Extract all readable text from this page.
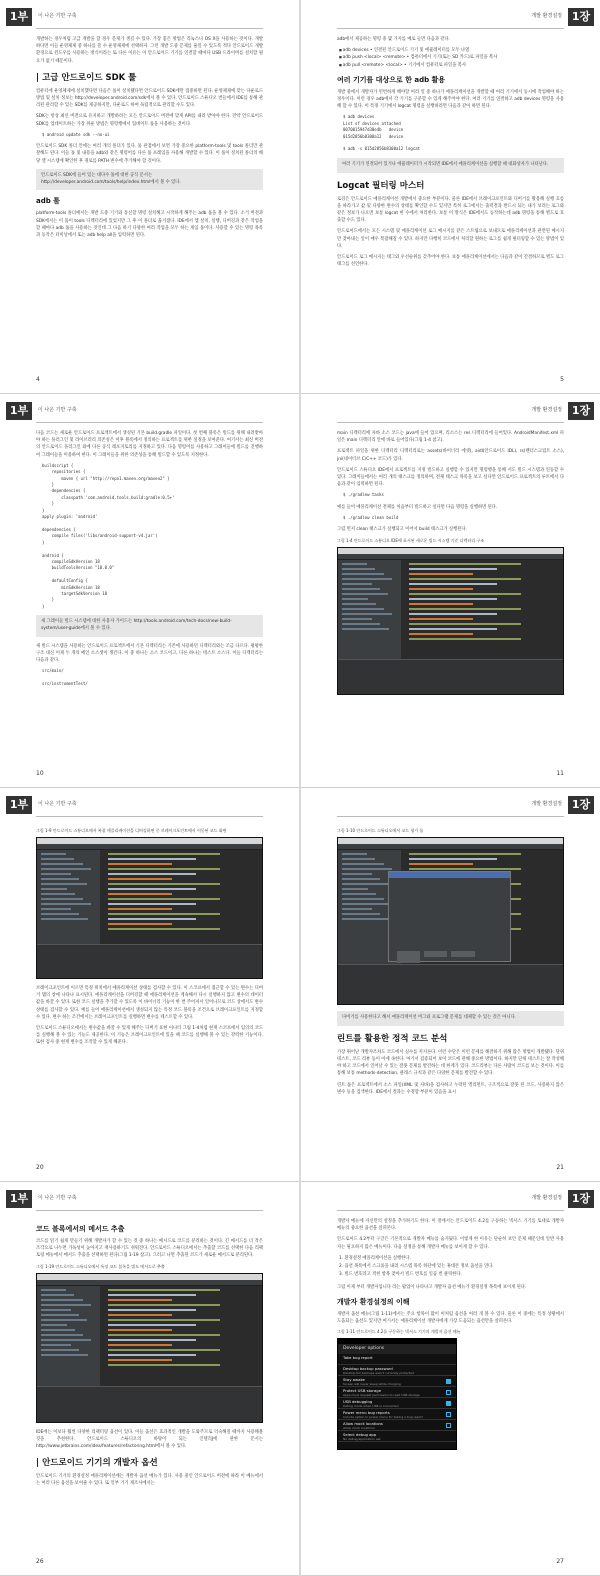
1부	이 나온 기반 구축
4

개발하는 경우처럼 고급 개발을 할 경우 문제가 생길 수 있다. 가장 좋은 방법은 리눅스나 OS X을 사용하는 것이다. 개발하다면 이들 운영체제 중 하나를 쓸 수 운영체제에 선택하자. 그런 개발 도중 문제를 줄일 수 있도록 적다 안드로이드 개발 환경으로 윈도우를 사용하는 방식이라는 또 다른 이유는 이 안드로이드 기기를 연결할 때마다 USB 드라이버를 설치할 필요가 없기 때문이다.

| 고급 안드로이드 SDK 툴

컴퓨터에 운영체제에 설치했다면 다음은 툴이 설치됐다면 안드로이드 SDK에만 집중하면 된다. 운영체제에 맞는 다운로드 방법 및 설치 정보는 http://developer.android.com/sdk에서 볼 수 있다. 안드로이드 스튜디오 번들에서 IDE를 통해 관리된 관리할 수 있는 SDK를 제공하지만, 다운로드 하여 독립적으로 관리할 수도 있다.

SDK는 항상 최신 버전으로 유지하고 개발하려는 모든 안드로이드 버전에 맞게 API를 내려 받아야 한다. 만약 안드로이드 SDK를 업데이트하는 가장 쉬운 방법은 명령행에서 업데이트 툴을 사용하는 것이다.

$ android update sdk --no-ui

안드로이드 SDK 폴더 안에는 여러 개의 폴더가 있다. 툴 관점에서 보면 가장 중요한 platform-tools 및 tools 폴더만 관찰해도 된다. 이들 툴 및 내용을 adb와 같은 명령어를 다른 툴 프레임을 사용해 개발할 수 있다. 이 툴이 설치된 폴더의 해당 셸 시스템에 확인한 후 경로를 PATH 변수에 추가해야 할 것이다.

안드로이드 SDK에 들어 있는 대다수 툴에 대한 공식 문서는 http://developer.android.com/tools/help/index.html에서 볼 수 있다.
adb 툴

platform-tools 폴더에서는 개발 도중 기기와 통신할 명령 설치해고 시작하게 해주는 adb 툴을 볼 수 있다. 소거 버전과 SDK에서는 이 툴이 tools 디렉터리에 있었지만 그 후 이 폴더로 옮겨졌다. IDE에서 앱 설치, 실행, 디버깅과 같은 작업을 할 때마다 adb 툴을 사용하는 것인데 그 다음 하기 다양한 여러 작업을 모두 하는 게임 툴이다. 사용할 수 있는 명령 목록과 동작은 터미널에서 또는 adb help all을 입력하면 된다.

1장
개발 환경설정
5

adb에서 제공하는 명령 중 몇 가지를 예로 들면 다음과 같다.

■ adb devices • 연결된 안드로이드 기기 및 에뮬레이터를 모두 나열
■ adb push <local> <remote> • 컴퓨터에서 기기(또는 SD 카드)로 파일을 복사
■ adb pull <remote> <local> • 기기에서 컴퓨터로 파일을 복사
여러 기기를 대상으로 한 adb 활용

개발 중에서 개발자가 빈번하게 해야할 여러 일 중 하나가 애플리케이션을 개발할 때 여러 기기에서 동시에 작업해야 하는 경우이다. 이런 경우 adb에서 각 기기를 구분할 수 있게 해주어야 한다. 여러 기기를 연결하고 adb devices 명령을 사용해 할 수 있다. 이 특정 기기에서 logcat 명령을 실행하려면 다음과 같이 하면 된다.

$ adb devices
List of devices attached
0070015947d30e4b   device
015d2856b8300a12   device

$ adb -s 015d2856b8300a12 logcat
여러 기기가 연결되어 있거나 에뮬레이터가 시작되면 IDE에서 애플리케이션을 실행할 때 대화상자가 나타난다.
Logcat 필터링 마스터

로깅은 안드로이드 애플리케이션 개발에서 중요한 부분이다. 물론 IDE에서 브레이크포인트와 디버거를 활용해 실행 흐름을 따라가고 값 및 다양한 변수의 상태를 확인할 수도 있지만 특히 로그에서는 출력결과 반드시 되는 내가 보려는 로그와 같은 정보가 나오면 보통 logcat 한 수에서 처리한다. 보통 이 방식은 IDE에서도 동작하는데 adb 명령을 통해 별도로 호출할 수도 있다.

안드로이드에서는 모든 시스템 및 애플리케이션 로그 메시지를 같은 스트림으로 보내므로 애플리케이션과 관련된 메시지만 찾아내는 일이 매우 복잡해질 수 있다. 하지만 다행히 코드에서 처리할 원하는 로그를 쉽게 필터링할 수 있는 방법이 있다.

안드로이드 로그 메시지는 태그와 우선순위를 갖추어야 한다. 보통 애플리케이션에서는 다음과 같이 간결하므로 별도 로그 태그를 선언한다.

1부	이 나온 기반 구축
10

다음 코드는 새로운 안드로이드 프로젝트에서 생성된 기본 build.gradle 파일이다. 첫 번째 블록은 빌드를 위해 내려받아야 하는 플러그인 및 라이브러리 의존성은 이후 블록에서 정의하는 프로젝트를 위한 설정을 보여준다. 여기서는 최신 버전의 안드로이드 플러그인 외에 다른 공식 레포지토리를 지정하고 있다. 다음 명령어를 사용하고 그레이들에 빌드를 진행하여 그레이들을 이용하여 한다. 이 그레이들을 위한 의존성을 통해 빌드할 수 있도록 지정한다.

buildscript {
repositories {
maven { url "http://repo1.maven.org/maven2" }
}
dependencies {
classpath 'com.android.tools.build:gradle:0.5+'
}
}
apply plugin: 'android'

dependencies {
compile files('libs/android-support-v4.jar')
}

android {
compileSdkVersion 18
buildToolsVersion "18.0.0"

defaultConfig {
minSdkVersion 18
targetSdkVersion 18
}
}
새 그레이들 빌드 시스템에 대한 사용자 가이드는 http://tools.android.com/tech-docs/new-build-system/user-guide에서 볼 수 있다.

새 빌드 시스템을 사용하는 안드로이드 프로젝트에서 기본 디렉터리는 기존에 사용하던 디렉터리와는 조금 다르다. 평평한 구조 대신 이제 두 개의 메인 소스셋이 생긴다. 이 중 하나는 소스 코드이고, 다른 하나는 테스트 소스다. 이들 디렉터리는 다음과 같다.

src/main/

src/instrumentTest/
1장
개발 환경설정
11

main 디렉터리에 자바 소스 코드는 java에 들어 있으며, 리소스는 res 디렉터리에 들어있다. AndroidManifest.xml 파일은 main 디렉터리 안에 바로 들어있다(그림 1-4 참고).

프로젝트 파일을 위한 디렉터리 디렉터리로는 assets(바이너리 에셋), aidl(안드로이드 IDL), rs(렌더스크립트 소스), jni(네이티브 C/C++ 코드)가 있다.

안드로이드 스튜디오 IDE에서 프로젝트를 지정 빌드하고 실행할 수 있지만 명령행을 통해 서도 빌드 시스템과 연동할 수 있다. 그레이들에서는 여러 개의 태스크를 정의하며, 전체 태스크 목록을 보고 싶다면 안드로이드 프로젝트의 루트에서 다음과 같이 입력하면 된다.

$ ./gradlew tasks

예를 들어 애플리케이션 전체를 처음부터 빌드하고 싶다면 다음 명령을 실행하면 된다.

$ ./gradlew clean build

그럼 먼저 clean 태스크가 실행되고 이어서 build 태스크가 실행된다.

그림 1-4 안드로이드 스튜디오 IDE에 표시된 새로운 빌드 시스템 기준 디렉터리 구조
1부	이 나온 기반 구축
20
그림 1-9 안드로이드 스튜디오에서 복잡 애플리케이션을 디버깅하면 중 브레이크포인트에서 이동된 코드 화면

브레이크포인트에 이르면 특정 위치에서 애플리케이션 상태를 검사할 수 있다. 이 스코프에서 접근할 수 있는 변수는 디버거 탭의 창에 나타나 표시된다. 애플리케이션을 디버깅할 때 애플리케이션을 계속해서 다시 실행하지 않고 변수의 데이터값을 바꿀 수 있다. 또한 코드 실행을 추가할 수 있도록 이 바이너리 기능이 한 번 주어져서 일어나므로 코드 상에서도 변수 상태를 검사할 수 있다. 예를 들어 애플리케이션에서 생성되지 않는 특정 코드 블록을 조건으로 브레이크포인트를 지정할 수 있다. 변수 하는 조건에서는 브레이크포인트를 실행하면 변수를 테스트할 수 있다.

안드로이드 스튜디오에서는 변수값을 바꿀 수 있게 해주는 디버거 표현 이나티 그림 1-4처럼 현재 스코프에서 임의의 코드를 실행해 볼 수 있는 기능도 제공한다. 이 기능은 브레이크포인트에 있을 때 코드를 실행해 볼 수 있는 강력한 기능이다. 또한 검사 중 현재 변수를 조작할 수 있게 해준다.

1장
개발 환경설정
21
그림 1-10 안드로이드 스튜디오에서 코드 평가 툴
다버거를 사용한다고 해서 애플리케이션 버그와 프로그램 문제를 대체할 수 있는 것은 아니다.
린트를 활용한 정적 코드 분석

가장 뛰어난 개발자조차도 코드에서 실수를 저지른다. 이런 수단은 이런 문제를 해결하기 위해 많은 방법이 개발됐다. 단위 테스트, 코드 리뷰 등이 이에 속한다. 여기서 검증되어 보이 코드에 관해 중요한 방법이다. 하지만 단위 테스트는 잘 작성해야 하고 코드에서 일어날 수 있는 잘못 문제를 발견하는 데 한계가 있다. 코드리뷰는 다른 사람이 코드를 보는 것이다. 이를 통해 보통 methods-detection, 클래스 규칙과 같은 다양한 문제를 발견할 수 있다.

린트 툴은 프로젝트에서 소스 파일(XML 및 자바)을 검사하고 누락된 엘리먼트, 구조적으로 잘못 된 코드, 사용하지 않은 변수 등을 검색한다. IDE에서 결과는 수정할 부분이 있음을 표시

1부	이 나온 기반 구축
26
코드 블록에서의 메서드 추출

코드를 읽기 쉽게 만들기 위해 개발자가 할 수 있는 것 중 하나는 메서드로 코드를 분리하는 것이다. 긴 메서드를 더 작은 조각으로 나누면 가독성이 높아지고 재사용하기도 쉬워진다. 안드로이드 스튜디오에서는 추출할 코드를 선택한 다음 리팩토링 메뉴에서 메서드 추출을 선택하면 된다(그림 1-19 참고). 그러고 나면 추출된 코드가 새로운 메서드로 분리된다.

그림 1-19 안드로이드 스튜디오에서 특정 코드 블록을 별도 메서드로 추출

IDE에는 이보다 훨씬 다양한 리팩터링 옵션이 있다. 이들 옵션은 효과적인 개발을 도와주므로 익숙해질 때까지 사용해볼 것을 추천한다. 안드로이드 스튜디오의 바탕이 되는 인텔리J에 관한 문서는 http://www.jetbrains.com/idea/features/refactoring.html에서 볼 수 있다.

| 안드로이드 기기의 개발자 옵션

안드로이드 기기의 환경설정 애플리케이션에는 개발자 옵션 메뉴가 있다. 사용 중인 안드로이드 버전에 따라 이 메뉴에서는 여러 다른 옵션을 보여줄 수 있다. 또 일부 기기 제조사에서는

1장
개발 환경설정
27

개발자 메뉴에 자신만의 설정을 추가하기도 한다. 이 절에서는 안드로이드 4.2를 구동하는 넥서스 기기를 토대로 개발자 메뉴의 중요한 옵션을 살펴본다.

안드로이드 4.2부터 구글은 기본적으로 개발자 메뉴를 숨겨뒀다. 이렇게 한 이유는 단순히 보안 문제 때문인데 일반 사용자는 필요하지 않은 메뉴이다. 다음 설정을 통해 개발자 메뉴를 보이게 할 수 있다.

1. 환경설정 애플리케이션을 실행한다.
2. 옵션 목록에서 스크롤을 내려 시스템 목록 하단에 있는 휴대폰 정보 옵션을 연다.
3. 빌드 번호라고 적힌 항목 찾아서 빌드 번호를 일곱 번 클릭한다.

그럼 이제 부터 개발자입니다 라는 팝업이 나타나고 개발자 옵션 메뉴가 환경설정 목록에 보이게 된다.

개발자 환경설정의 이해

개발자 옵션 메뉴(그림 1-11)에서는 주요 항목이 많이 이처럼 옵션을 여러 개 볼 수 있다. 물론 이 중에는 특정 상황에서 도움되는 옵션도 있지만 여기서는 애플리케이션 개발자에게 가장 도움되는 옵션만을 살펴본다.

그림 1-11 안드로이드 4.2를 구동하는 넥서스 기기의 개발자 옵션 메뉴
Developer options
Take bug report
Desktop backup password
Desktop full backups aren't currently protected
Stay awake
Screen will never sleep while charging
Protect USB storage
Apps must request permission to read USB storage
USB debugging
Debug mode when USB is connected
Power menu bug reports
Include option in power menu for taking a bug report
Allow mock locations
Allow mock locations
Select debug app
No debug application set
